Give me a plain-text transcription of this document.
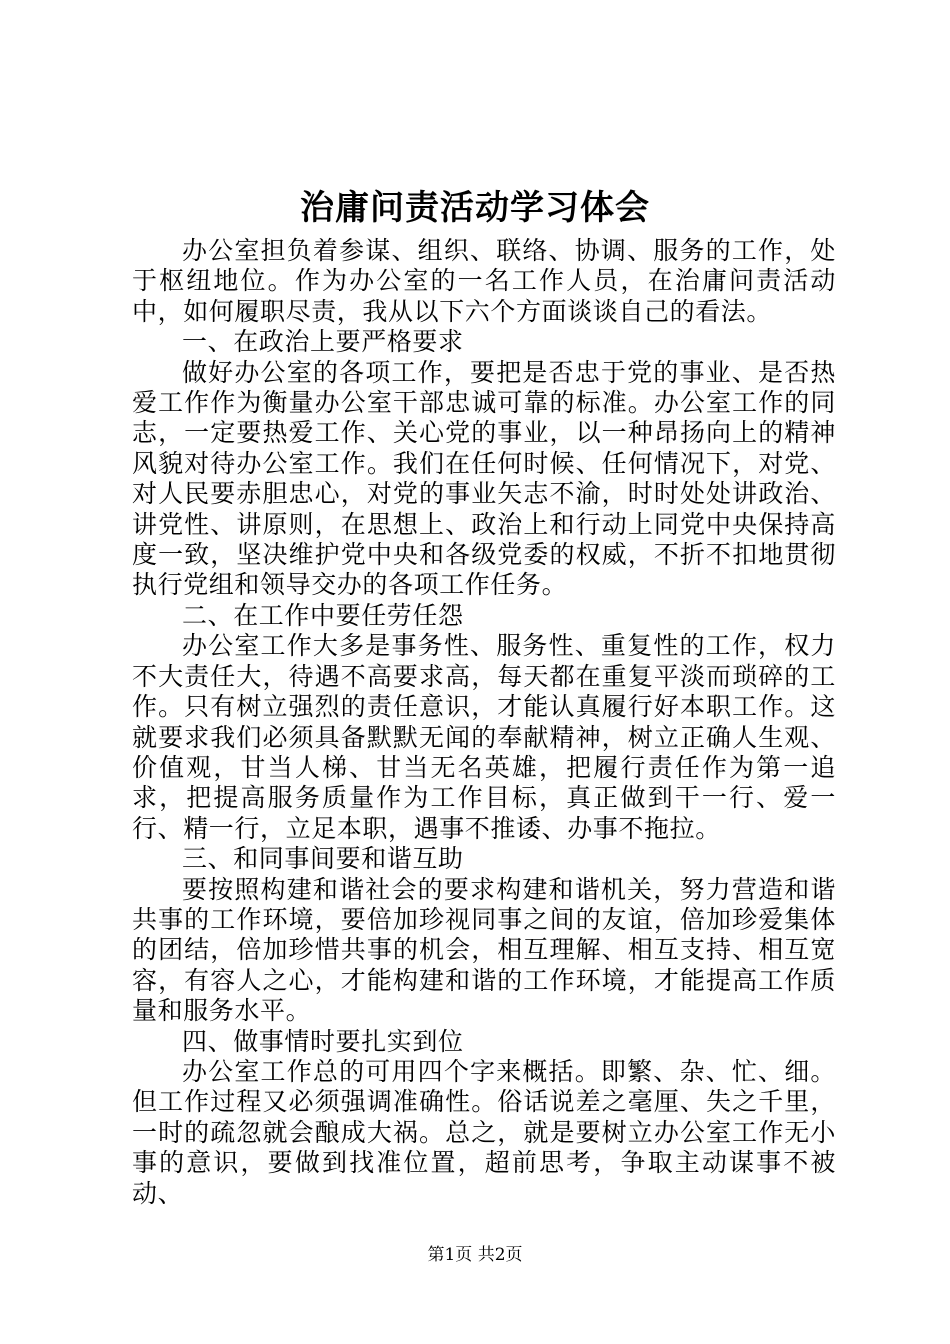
治庸问责活动学习体会

办公室担负着参谋、组织、联络、协调、服务的工作，处于枢纽地位。作为办公室的一名工作人员，在治庸问责活动中，如何履职尽责，我从以下六个方面谈谈自己的看法。

一、在政治上要严格要求

做好办公室的各项工作，要把是否忠于党的事业、是否热爱工作作为衡量办公室干部忠诚可靠的标准。办公室工作的同志，一定要热爱工作、关心党的事业，以一种昂扬向上的精神风貌对待办公室工作。我们在任何时候、任何情况下，对党、对人民要赤胆忠心，对党的事业矢志不渝，时时处处讲政治、讲党性、讲原则，在思想上、政治上和行动上同党中央保持高度一致，坚决维护党中央和各级党委的权威，不折不扣地贯彻执行党组和领导交办的各项工作任务。

二、在工作中要任劳任怨

办公室工作大多是事务性、服务性、重复性的工作，权力不大责任大，待遇不高要求高，每天都在重复平淡而琐碎的工作。只有树立强烈的责任意识，才能认真履行好本职工作。这就要求我们必须具备默默无闻的奉献精神，树立正确人生观、价值观，甘当人梯、甘当无名英雄，把履行责任作为第一追求，把提高服务质量作为工作目标，真正做到干一行、爱一行、精一行，立足本职，遇事不推诿、办事不拖拉。

三、和同事间要和谐互助

要按照构建和谐社会的要求构建和谐机关，努力营造和谐共事的工作环境，要倍加珍视同事之间的友谊，倍加珍爱集体的团结，倍加珍惜共事的机会，相互理解、相互支持、相互宽容，有容人之心，才能构建和谐的工作环境，才能提高工作质量和服务水平。

四、做事情时要扎实到位

办公室工作总的可用四个字来概括。即繁、杂、忙、细。但工作过程又必须强调准确性。俗话说差之毫厘、失之千里，一时的疏忽就会酿成大祸。总之，就是要树立办公室工作无小事的意识，要做到找准位置，超前思考，争取主动谋事不被动、

第1页 共2页
